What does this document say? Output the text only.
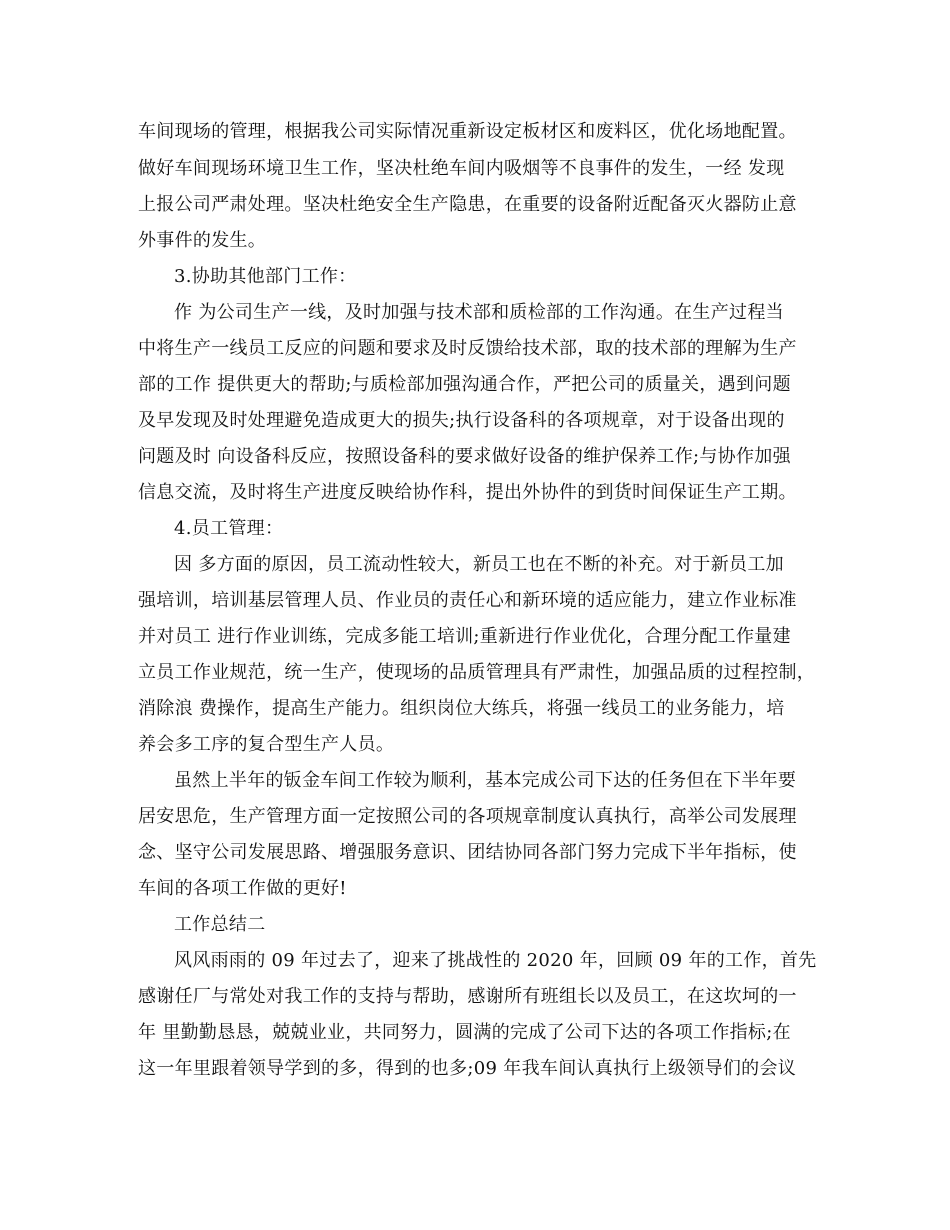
车间现场的管理，根据我公司实际情况重新设定板材区和废料区，优化场地配置。
做好车间现场环境卫生工作，坚决杜绝车间内吸烟等不良事件的发生，一经 发现
上报公司严肃处理。坚决杜绝安全生产隐患，在重要的设备附近配备灭火器防止意
外事件的发生。
3.协助其他部门工作：
作 为公司生产一线，及时加强与技术部和质检部的工作沟通。在生产过程当
中将生产一线员工反应的问题和要求及时反馈给技术部，取的技术部的理解为生产
部的工作 提供更大的帮助;与质检部加强沟通合作，严把公司的质量关，遇到问题
及早发现及时处理避免造成更大的损失;执行设备科的各项规章，对于设备出现的
问题及时 向设备科反应，按照设备科的要求做好设备的维护保养工作;与协作加强
信息交流，及时将生产进度反映给协作科，提出外协件的到货时间保证生产工期。
4.员工管理：
因 多方面的原因，员工流动性较大，新员工也在不断的补充。对于新员工加
强培训，培训基层管理人员、作业员的责任心和新环境的适应能力，建立作业标准
并对员工 进行作业训练，完成多能工培训;重新进行作业优化，合理分配工作量建
立员工作业规范，统一生产，使现场的品质管理具有严肃性，加强品质的过程控制，
消除浪 费操作，提高生产能力。组织岗位大练兵，将强一线员工的业务能力，培
养会多工序的复合型生产人员。
虽然上半年的钣金车间工作较为顺利，基本完成公司下达的任务但在下半年要
居安思危，生产管理方面一定按照公司的各项规章制度认真执行，高举公司发展理
念、坚守公司发展思路、增强服务意识、团结协同各部门努力完成下半年指标，使
车间的各项工作做的更好!
工作总结二
风风雨雨的 09 年过去了，迎来了挑战性的 2020 年，回顾 09 年的工作，首先
感谢任厂与常处对我工作的支持与帮助，感谢所有班组长以及员工，在这坎坷的一
年 里勤勤恳恳，兢兢业业，共同努力，圆满的完成了公司下达的各项工作指标;在
这一年里跟着领导学到的多，得到的也多;09 年我车间认真执行上级领导们的会议
